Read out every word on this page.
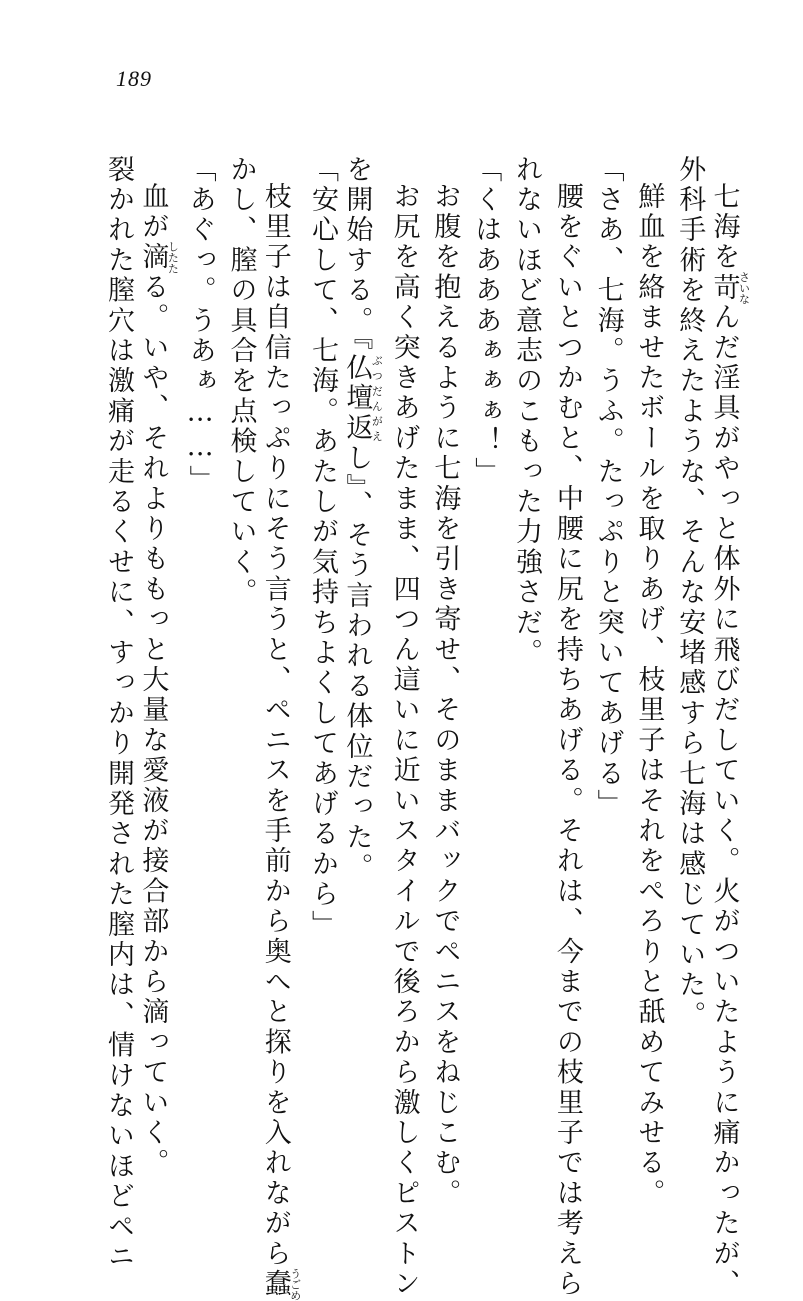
189

七海を苛さいなんだ淫具がやっと体外に飛びだしていく。火がついたように痛かったが、

外科手術を終えたような、そんな安堵感すら七海は感じていた。

鮮血を絡ませたボールを取りあげ、枝里子はそれをぺろりと舐めてみせる。

「さあ、七海。うふ。たっぷりと突いてあげる」

腰をぐいとつかむと、中腰に尻を持ちあげる。それは、今までの枝里子では考えら

れないほど意志のこもった力強さだ。

「くはあああぁぁぁ！」

お腹を抱えるように七海を引き寄せ、そのままバックでペニスをねじこむ。

お尻を高く突きあげたまま、四つん這いに近いスタイルで後ろから激しくピストン

を開始する。『仏壇返ぶつだんがえし』、そう言われる体位だった。

「安心して、七海。あたしが気持ちよくしてあげるから」

枝里子は自信たっぷりにそう言うと、ペニスを手前から奥へと探りを入れながら蠢うごめ

かし、膣の具合を点検していく。

「あぐっ。うあぁ……」

血が滴したたる。いや、それよりももっと大量な愛液が接合部から滴っていく。

裂かれた膣穴は激痛が走るくせに、すっかり開発された膣内は、情けないほどペニ
